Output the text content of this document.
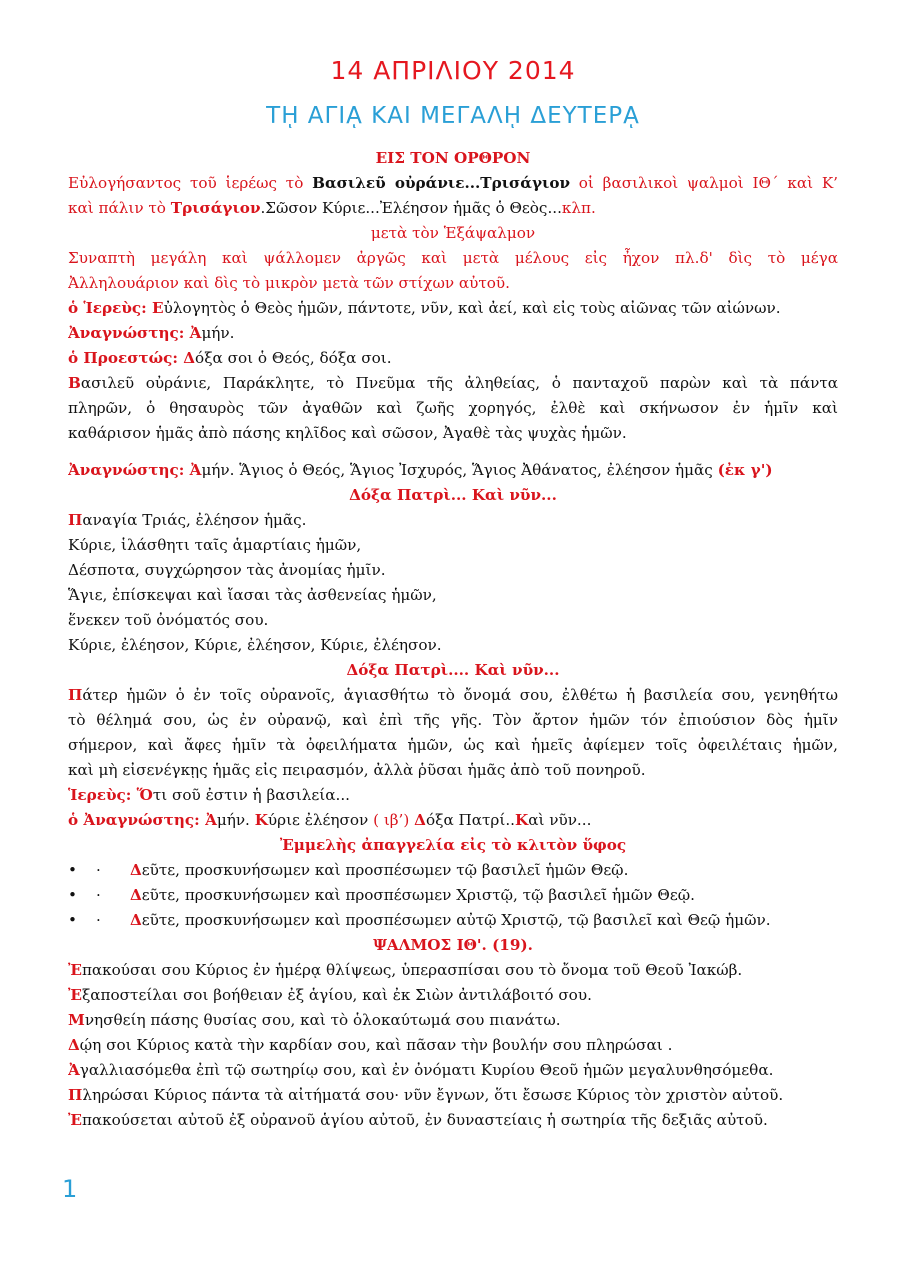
14 ΑΠΡΙΛΙΟΥ 2014
Τῌ ΑΓΙᾼ ΚΑΙ ΜΕΓΑΛῌ ΔΕΥΤΕΡᾼ
ΕΙΣ ΤΟΝ ΟΡΘΡΟΝ
Εὐλογήσαντος τοῦ ἱερέως τὸ Βασιλεῦ οὐράνιε...Τρισάγιον οἱ βασιλικοὶ ψαλμοὶ ΙΘ΄ καὶ Κ’
καὶ πάλιν τὸ Τρισάγιον.Σῶσον Κύριε...Ἐλέησον ἡμᾶς ὁ Θεὸς...κλπ.
μετὰ τὸν Ἑξάψαλμον
Συναπτὴ μεγάλη καὶ ψάλλομεν ἀργῶς καὶ μετὰ μέλους εἰς ἦχον πλ.δ' δὶς τὸ μέγα
Ἀλληλουάριον καὶ δὶς τὸ μικρὸν μετὰ τῶν στίχων αὐτοῦ.
ὁ Ἱερεὺς: Εὐλογητὸς ὁ Θεὸς ἡμῶν, πάντοτε, νῦν, καὶ ἀεί, καὶ εἰς τοὺς αἰῶνας τῶν αἰώνων.
Ἀναγνώστης: Ἀμήν.
ὁ Προεστώς: Δόξα σοι ὁ Θεός, δόξα σοι.
Βασιλεῦ οὐράνιε, Παράκλητε, τὸ Πνεῦμα τῆς ἀληθείας, ὁ πανταχοῦ παρὼν καὶ τὰ πάντα
πληρῶν, ὁ θησαυρὸς τῶν ἀγαθῶν καὶ ζωῆς χορηγός, ἐλθὲ καὶ σκήνωσον ἐν ἡμῖν καὶ
καθάρισον ἡμᾶς ἀπὸ πάσης κηλῖδος καὶ σῶσον, Ἀγαθὲ τὰς ψυχὰς ἡμῶν.
Ἀναγνώστης: Ἀμήν. Ἅγιος ὁ Θεός, Ἅγιος Ἰσχυρός, Ἅγιος Ἀθάνατος, ἐλέησον ἡμᾶς (ἐκ γ')
Δόξα Πατρὶ... Καὶ νῦν...
Παναγία Τριάς, ἐλέησον ἡμᾶς.
Κύριε, ἱλάσθητι ταῖς ἁμαρτίαις ἡμῶν,
Δέσποτα, συγχώρησον τὰς ἀνομίας ἡμῖν.
Ἅγιε, ἐπίσκεψαι καὶ ἴασαι τὰς ἀσθενείας ἡμῶν,
ἕνεκεν τοῦ ὀνόματός σου.
Κύριε, ἐλέησον, Κύριε, ἐλέησον, Κύριε, ἐλέησον.
Δόξα Πατρὶ.... Καὶ νῦν...
Πάτερ ἡμῶν ὁ ἐν τοῖς οὐρανοῖς, ἁγιασθήτω τὸ ὄνομά σου, ἐλθέτω ἡ βασιλεία σου, γενηθήτω
τὸ θέλημά σου, ὡς ἐν οὐρανῷ, καὶ ἐπὶ τῆς γῆς. Τὸν ἄρτον ἡμῶν τόν ἐπιούσιον δὸς ἡμῖν
σήμερον, καὶ ἄφες ἡμῖν τὰ ὀφειλήματα ἡμῶν, ὡς καὶ ἡμεῖς ἀφίεμεν τοῖς ὀφειλέταις ἡμῶν,
καὶ μὴ εἰσενέγκῃς ἡμᾶς εἰς πειρασμόν, ἀλλὰ ῥῦσαι ἡμᾶς ἀπὸ τοῦ πονηροῦ.
Ἱερεὺς: Ὅτι σοῦ ἐστιν ἡ βασιλεία...
ὁ Ἀναγνώστης: Ἀμήν. Κύριε ἐλέησον ( ιβ’) Δόξα Πατρί..Καὶ νῦν...
Ἐμμελὴς ἀπαγγελία εἰς τὸ κλιτὸν ὕφος
• · Δεῦτε, προσκυνήσωμεν καὶ προσπέσωμεν τῷ βασιλεῖ ἡμῶν Θεῷ.
• · Δεῦτε, προσκυνήσωμεν καὶ προσπέσωμεν Χριστῷ, τῷ βασιλεῖ ἡμῶν Θεῷ.
• · Δεῦτε, προσκυνήσωμεν καὶ προσπέσωμεν αὐτῷ Χριστῷ, τῷ βασιλεῖ καὶ Θεῷ ἡμῶν.
ΨΑΛΜΟΣ ΙΘ'. (19).
Ἐπακούσαι σου Κύριος ἐν ἡμέρᾳ θλίψεως, ὑπερασπίσαι σου τὸ ὄνομα τοῦ Θεοῦ Ἰακώβ.
Ἐξαποστείλαι σοι βοήθειαν ἐξ ἁγίου, καὶ ἐκ Σιὼν ἀντιλάβοιτό σου.
Μνησθείη πάσης θυσίας σου, καὶ τὸ ὁλοκαύτωμά σου πιανάτω.
Δῴη σοι Κύριος κατὰ τὴν καρδίαν σου, καὶ πᾶσαν τὴν βουλήν σου πληρώσαι .
Ἀγαλλιασόμεθα ἐπὶ τῷ σωτηρίῳ σου, καὶ ἐν ὀνόματι Κυρίου Θεοῦ ἡμῶν μεγαλυνθησόμεθα.
Πληρώσαι Κύριος πάντα τὰ αἰτήματά σου· νῦν ἔγνων, ὅτι ἔσωσε Κύριος τὸν χριστὸν αὐτοῦ.
Ἐπακούσεται αὐτοῦ ἐξ οὐρανοῦ ἁγίου αὐτοῦ, ἐν δυναστείαις ἡ σωτηρία τῆς δεξιᾶς αὐτοῦ.
1
